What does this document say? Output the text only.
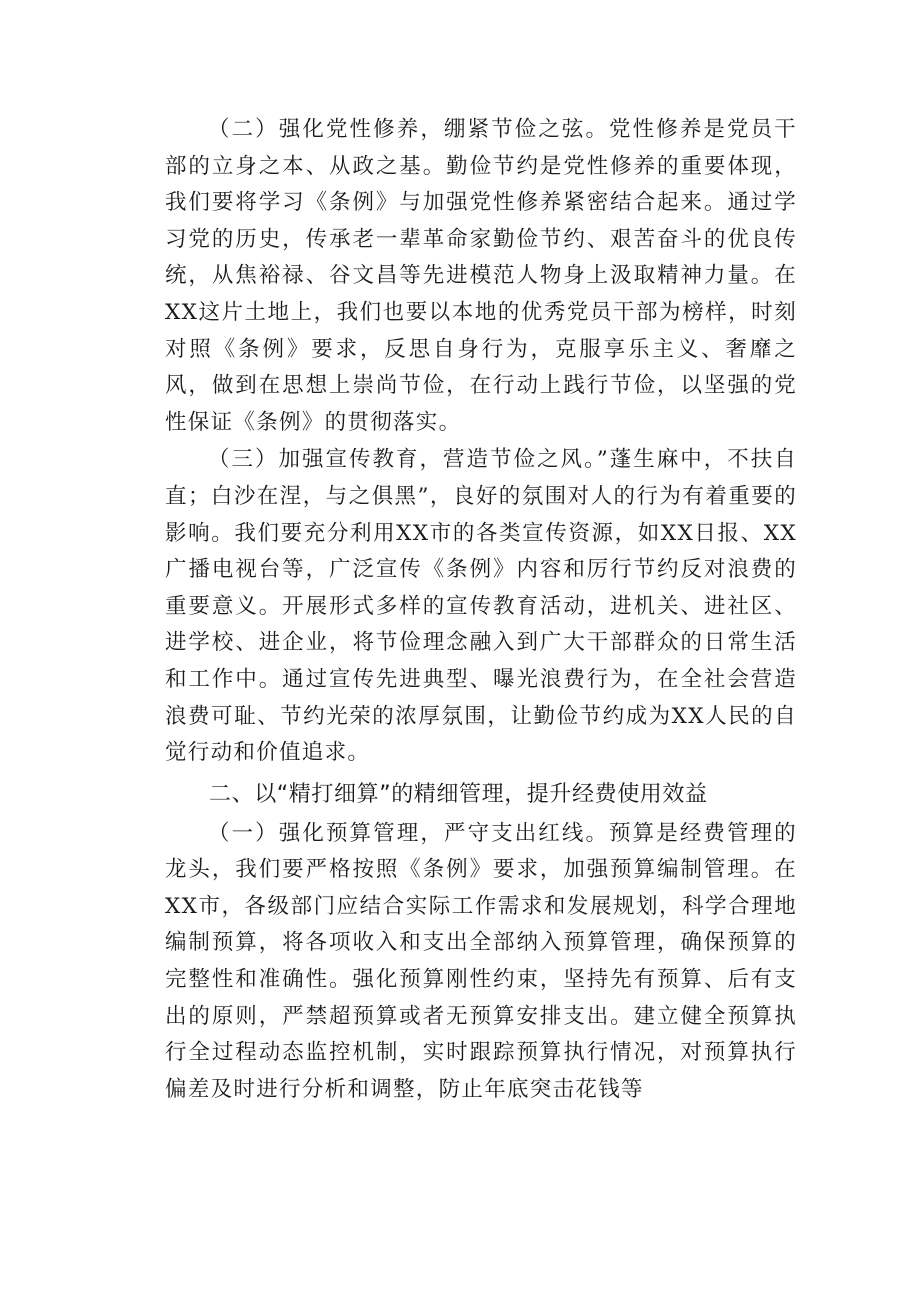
（二）强化党性修养，绷紧节俭之弦。党性修养是党员干部的立身之本、从政之基。勤俭节约是党性修养的重要体现，我们要将学习《条例》与加强党性修养紧密结合起来。通过学习党的历史，传承老一辈革命家勤俭节约、艰苦奋斗的优良传统，从焦裕禄、谷文昌等先进模范人物身上汲取精神力量。在XX这片土地上，我们也要以本地的优秀党员干部为榜样，时刻对照《条例》要求，反思自身行为，克服享乐主义、奢靡之风，做到在思想上崇尚节俭，在行动上践行节俭，以坚强的党性保证《条例》的贯彻落实。

（三）加强宣传教育，营造节俭之风。”蓬生麻中，不扶自直；白沙在涅，与之俱黑”，良好的氛围对人的行为有着重要的影响。我们要充分利用XX市的各类宣传资源，如XX日报、XX广播电视台等，广泛宣传《条例》内容和厉行节约反对浪费的重要意义。开展形式多样的宣传教育活动，进机关、进社区、进学校、进企业，将节俭理念融入到广大干部群众的日常生活和工作中。通过宣传先进典型、曝光浪费行为，在全社会营造浪费可耻、节约光荣的浓厚氛围，让勤俭节约成为XX人民的自觉行动和价值追求。

二、以“精打细算”的精细管理，提升经费使用效益

（一）强化预算管理，严守支出红线。预算是经费管理的龙头，我们要严格按照《条例》要求，加强预算编制管理。在XX市，各级部门应结合实际工作需求和发展规划，科学合理地编制预算，将各项收入和支出全部纳入预算管理，确保预算的完整性和准确性。强化预算刚性约束，坚持先有预算、后有支出的原则，严禁超预算或者无预算安排支出。建立健全预算执行全过程动态监控机制，实时跟踪预算执行情况，对预算执行偏差及时进行分析和调整，防止年底突击花钱等
